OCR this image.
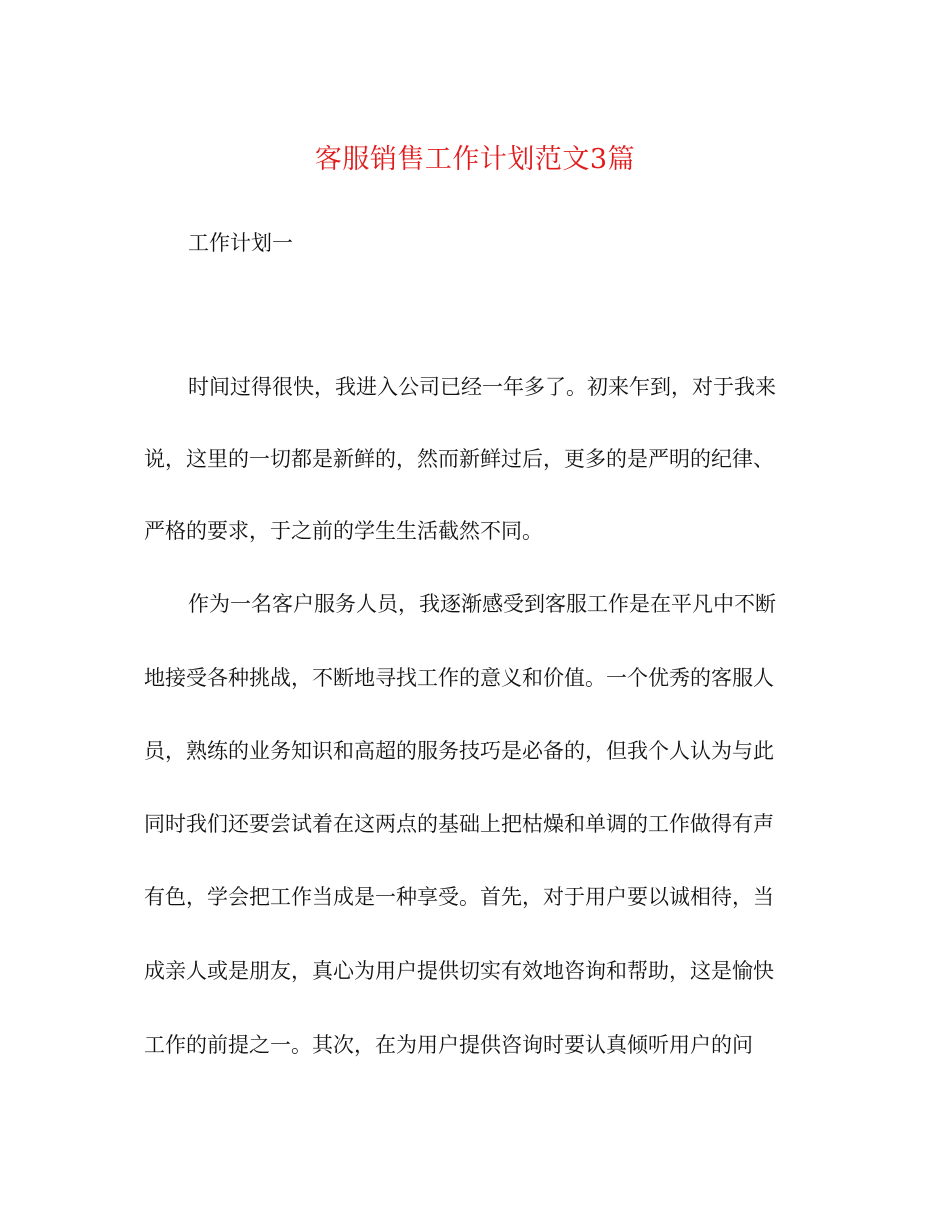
客服销售工作计划范文3篇
工作计划一
时间过得很快，我进入公司已经一年多了。初来乍到，对于我来
说，这里的一切都是新鲜的，然而新鲜过后，更多的是严明的纪律、
严格的要求，于之前的学生生活截然不同。
作为一名客户服务人员，我逐渐感受到客服工作是在平凡中不断
地接受各种挑战，不断地寻找工作的意义和价值。一个优秀的客服人
员，熟练的业务知识和高超的服务技巧是必备的，但我个人认为与此
同时我们还要尝试着在这两点的基础上把枯燥和单调的工作做得有声
有色，学会把工作当成是一种享受。首先，对于用户要以诚相待，当
成亲人或是朋友，真心为用户提供切实有效地咨询和帮助，这是愉快
工作的前提之一。其次，在为用户提供咨询时要认真倾听用户的问
